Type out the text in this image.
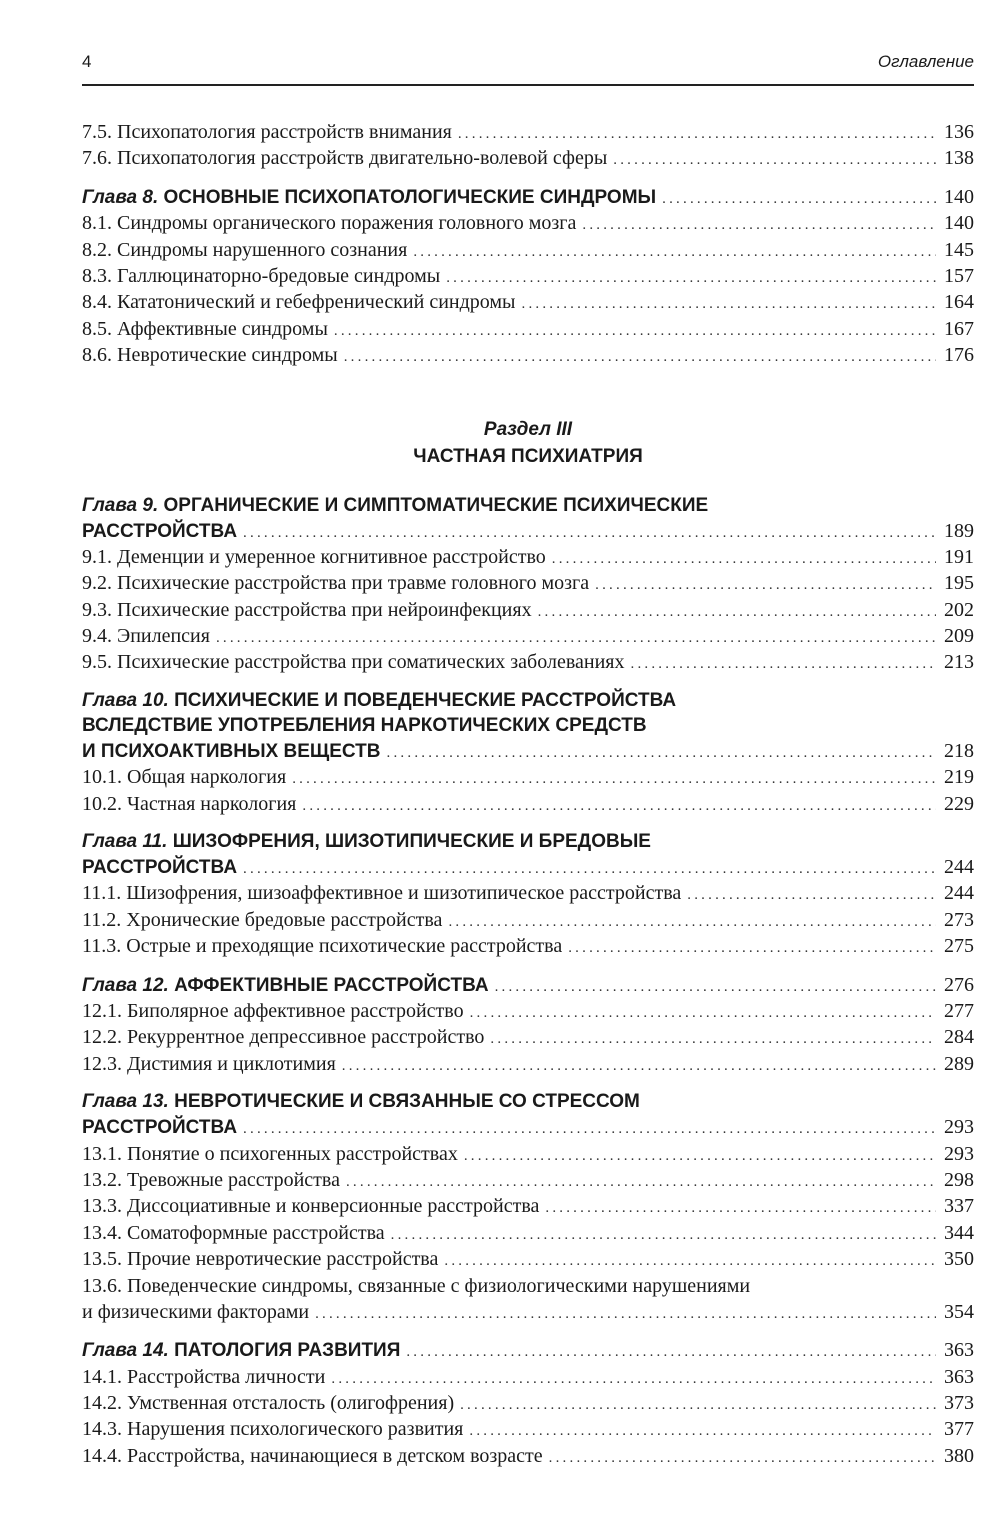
4	Оглавление
7.5. Психопатология расстройств внимания .....	136
7.6. Психопатология расстройств двигательно-волевой сферы .....	138
Глава 8. ОСНОВНЫЕ ПСИХОПАТОЛОГИЧЕСКИЕ СИНДРОМЫ .....	140
8.1. Синдромы органического поражения головного мозга .....	140
8.2. Синдромы нарушенного сознания .....	145
8.3. Галлюцинаторно-бредовые синдромы .....	157
8.4. Кататонический и гебефренический синдромы .....	164
8.5. Аффективные синдромы .....	167
8.6. Невротические синдромы .....	176
Раздел III
ЧАСТНАЯ ПСИХИАТРИЯ
Глава 9. ОРГАНИЧЕСКИЕ И СИМПТОМАТИЧЕСКИЕ ПСИХИЧЕСКИЕ
РАССТРОЙСТВА .....	189
9.1. Деменции и умеренное когнитивное расстройство .....	191
9.2. Психические расстройства при травме головного мозга .....	195
9.3. Психические расстройства при нейроинфекциях .....	202
9.4. Эпилепсия .....	209
9.5. Психические расстройства при соматических заболеваниях .....	213
Глава 10. ПСИХИЧЕСКИЕ И ПОВЕДЕНЧЕСКИЕ РАССТРОЙСТВА
ВСЛЕДСТВИЕ УПОТРЕБЛЕНИЯ НАРКОТИЧЕСКИХ СРЕДСТВ
И ПСИХОАКТИВНЫХ ВЕЩЕСТВ .....	218
10.1. Общая наркология .....	219
10.2. Частная наркология .....	229
Глава 11. ШИЗОФРЕНИЯ, ШИЗОТИПИЧЕСКИЕ И БРЕДОВЫЕ
РАССТРОЙСТВА .....	244
11.1. Шизофрения, шизоаффективное и шизотипическое расстройства .....	244
11.2. Хронические бредовые расстройства .....	273
11.3. Острые и преходящие психотические расстройства .....	275
Глава 12. АФФЕКТИВНЫЕ РАССТРОЙСТВА .....	276
12.1. Биполярное аффективное расстройство .....	277
12.2. Рекуррентное депрессивное расстройство .....	284
12.3. Дистимия и циклотимия .....	289
Глава 13. НЕВРОТИЧЕСКИЕ И СВЯЗАННЫЕ СО СТРЕССОМ
РАССТРОЙСТВА .....	293
13.1. Понятие о психогенных расстройствах .....	293
13.2. Тревожные расстройства .....	298
13.3. Диссоциативные и конверсионные расстройства .....	337
13.4. Соматоформные расстройства .....	344
13.5. Прочие невротические расстройства .....	350
13.6. Поведенческие синдромы, связанные с физиологическими нарушениями
и физическими факторами .....	354
Глава 14. ПАТОЛОГИЯ РАЗВИТИЯ .....	363
14.1. Расстройства личности .....	363
14.2. Умственная отсталость (олигофрения) .....	373
14.3. Нарушения психологического развития .....	377
14.4. Расстройства, начинающиеся в детском возрасте .....	380
